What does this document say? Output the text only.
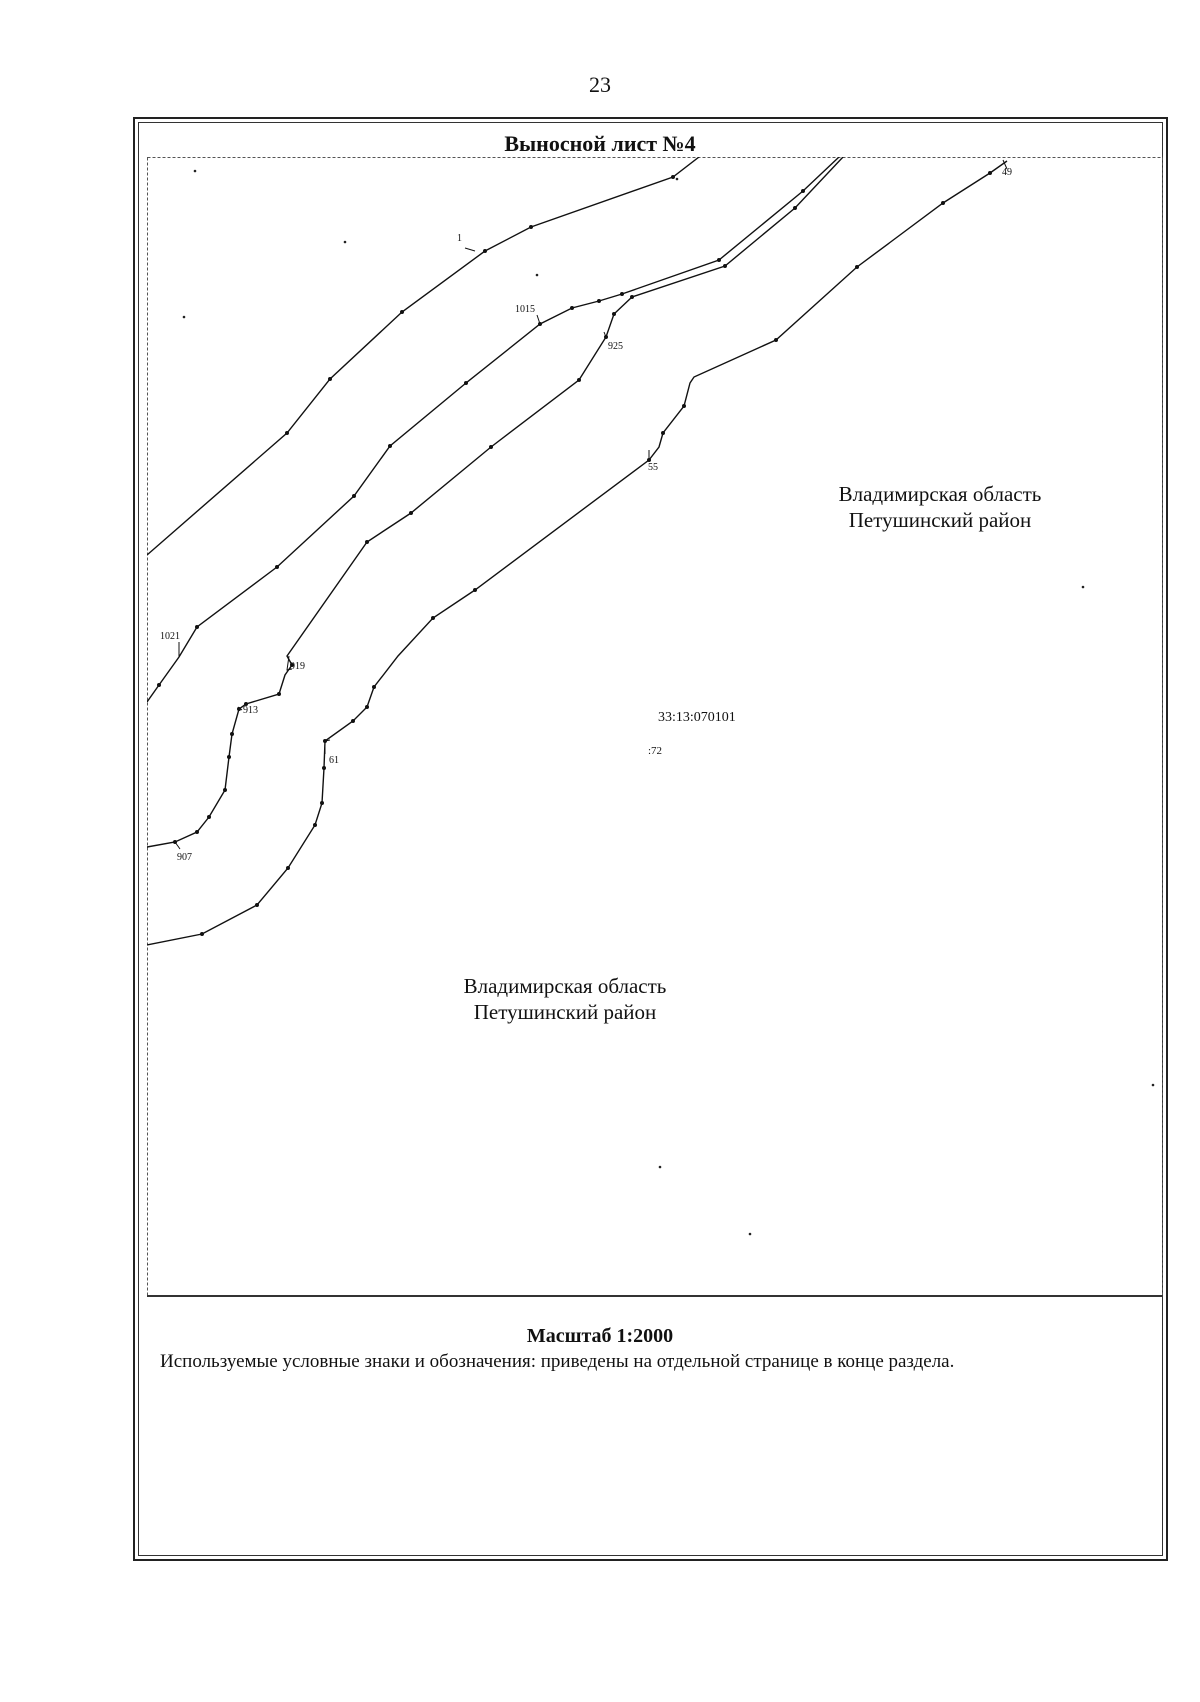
23
Выносной лист №4
1
1015
925
49
55
1021
919
913
61
907
Владимирская область
Петушинский район
Владимирская область
Петушинский район
33:13:070101
:72
Масштаб 1:2000
Используемые условные знаки и обозначения: приведены на отдельной странице в конце раздела.
